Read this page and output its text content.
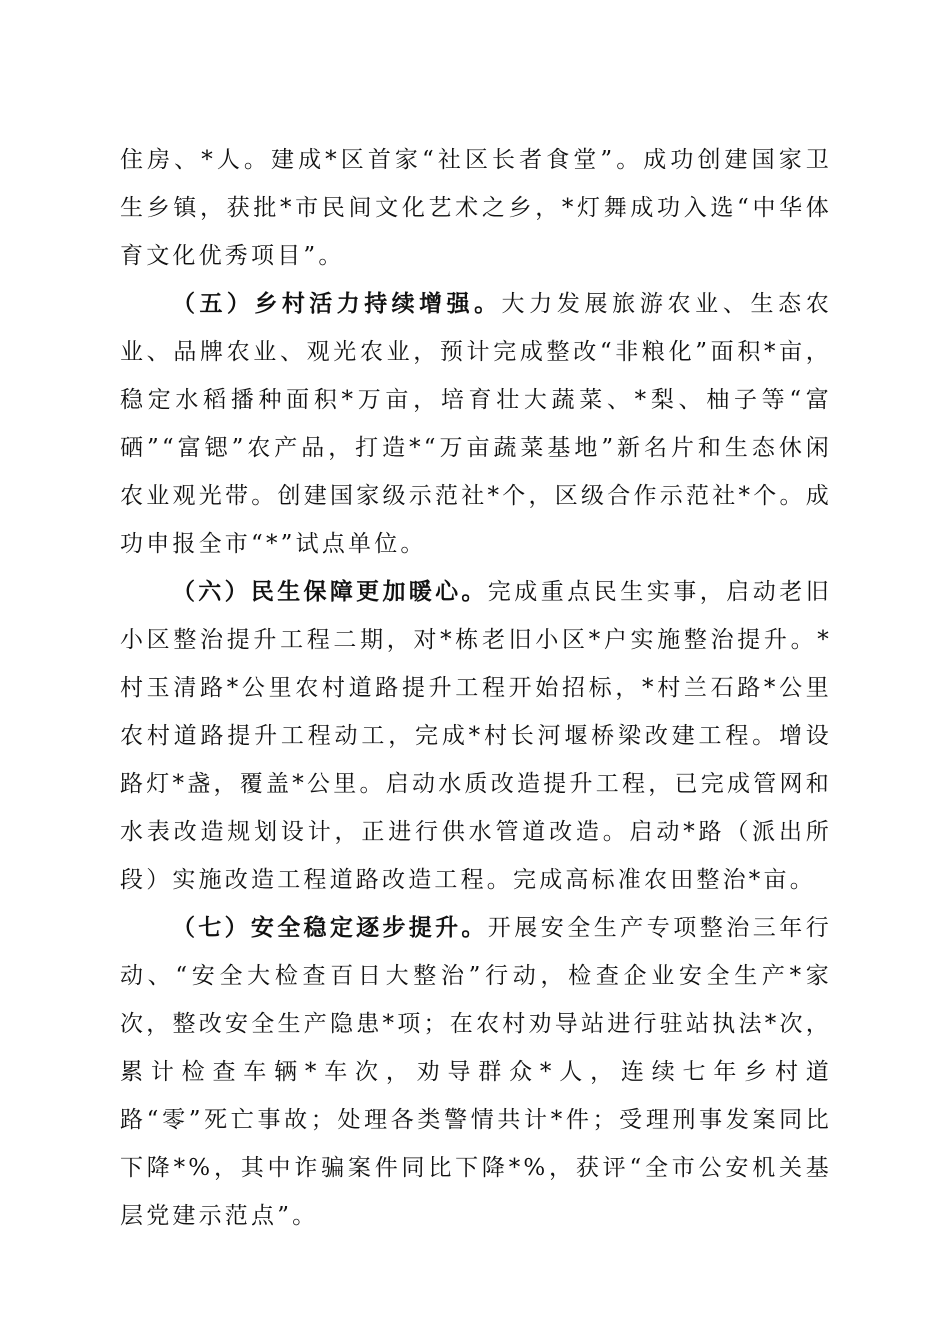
住房、*人。建成*区首家“社区长者食堂”。成功创建国家卫生乡镇，获批*市民间文化艺术之乡，*灯舞成功入选“中华体育文化优秀项目”。

（五）乡村活力持续增强。大力发展旅游农业、生态农业、品牌农业、观光农业，预计完成整改“非粮化”面积*亩，稳定水稻播种面积*万亩，培育壮大蔬菜、*梨、柚子等“富硒”“富锶”农产品，打造*“万亩蔬菜基地”新名片和生态休闲农业观光带。创建国家级示范社*个，区级合作示范社*个。成功申报全市“*”试点单位。

（六）民生保障更加暖心。完成重点民生实事，启动老旧小区整治提升工程二期，对*栋老旧小区*户实施整治提升。*村玉清路*公里农村道路提升工程开始招标，*村兰石路*公里农村道路提升工程动工，完成*村长河堰桥梁改建工程。增设路灯*盏，覆盖*公里。启动水质改造提升工程，已完成管网和水表改造规划设计，正进行供水管道改造。启动*路（派出所段）实施改造工程道路改造工程。完成高标准农田整治*亩。

（七）安全稳定逐步提升。开展安全生产专项整治三年行动、“安全大检查百日大整治”行动，检查企业安全生产*家次，整改安全生产隐患*项；在农村劝导站进行驻站执法*次，累计检查车辆*车次，劝导群众*人，连续七年乡村道路“零”死亡事故；处理各类警情共计*件；受理刑事发案同比下降*%，其中诈骗案件同比下降*%，获评“全市公安机关基层党建示范点”。
